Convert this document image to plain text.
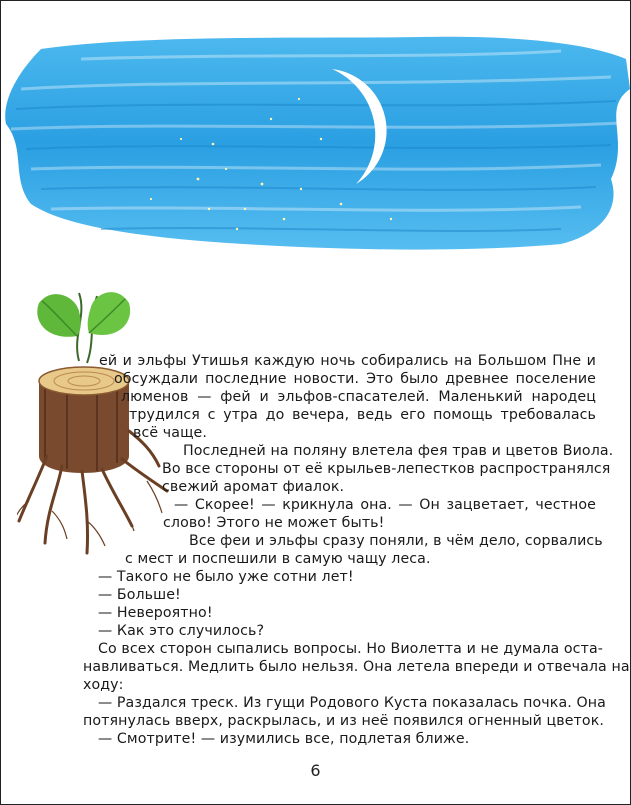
ей и эльфы Утишья каждую ночь собирались на Большом Пне и
обсуждали последние новости. Это было древнее поселение
люменов — фей и эльфов-спасателей. Маленький народец
трудился с утра до вечера, ведь его помощь требовалась
всё чаще.
Последней на поляну влетела фея трав и цветов Виола.
Во все стороны от её крыльев-лепестков распространялся
свежий аромат фиалок.
— Скорее! — крикнула она. — Он зацветает, честное
слово! Этого не может быть!
Все феи и эльфы сразу поняли, в чём дело, сорвались
с мест и поспешили в самую чащу леса.
— Такого не было уже сотни лет!
— Больше!
— Невероятно!
— Как это случилось?
Со всех сторон сыпались вопросы. Но Виолетта и не думала оста-
навливаться. Медлить было нельзя. Она летела впереди и отвечала на
ходу:
— Раздался треск. Из гущи Родового Куста показалась почка. Она
потянулась вверх, раскрылась, и из неё появился огненный цветок.
— Смотрите! — изумились все, подлетая ближе.
6
